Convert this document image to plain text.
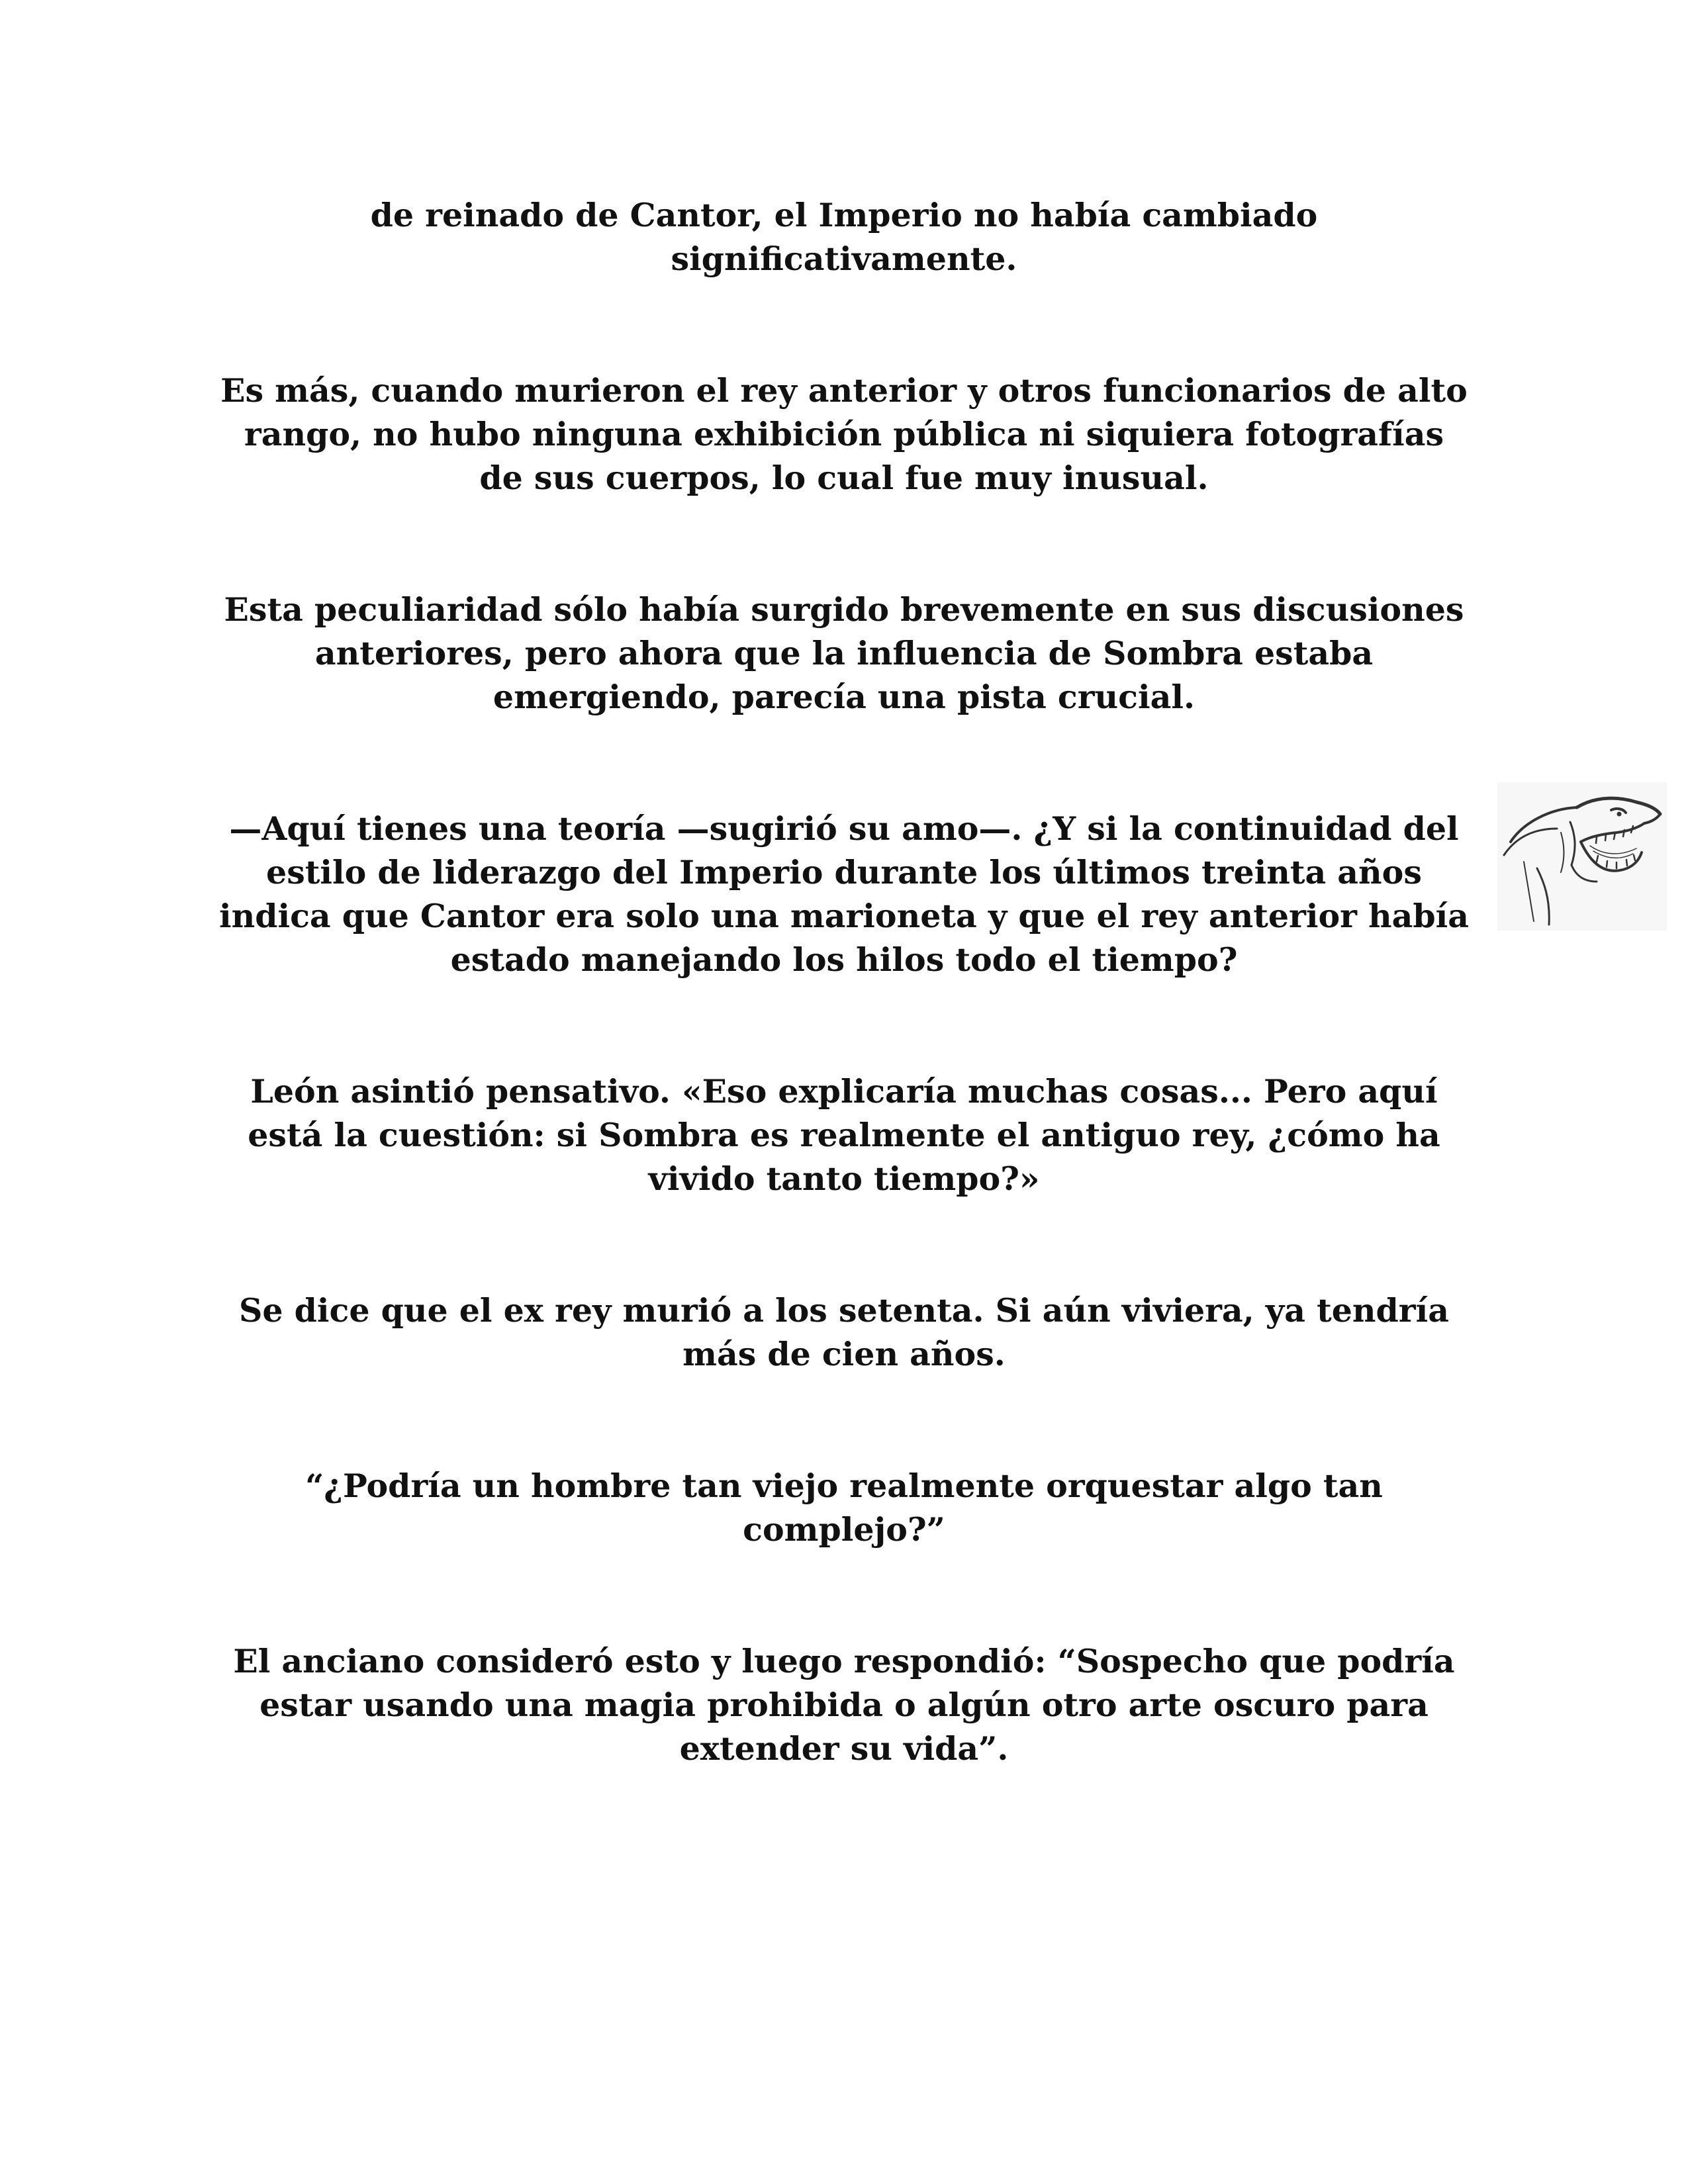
de reinado de Cantor, el Imperio no había cambiado significativamente.

Es más, cuando murieron el rey anterior y otros funcionarios de alto rango, no hubo ninguna exhibición pública ni siquiera fotografías de sus cuerpos, lo cual fue muy inusual.

Esta peculiaridad sólo había surgido brevemente en sus discusiones anteriores, pero ahora que la influencia de Sombra estaba emergiendo, parecía una pista crucial.

—Aquí tienes una teoría —sugirió su amo—. ¿Y si la continuidad del estilo de liderazgo del Imperio durante los últimos treinta años indica que Cantor era solo una marioneta y que el rey anterior había estado manejando los hilos todo el tiempo?

León asintió pensativo. «Eso explicaría muchas cosas... Pero aquí está la cuestión: si Sombra es realmente el antiguo rey, ¿cómo ha vivido tanto tiempo?»

Se dice que el ex rey murió a los setenta. Si aún viviera, ya tendría más de cien años.

“¿Podría un hombre tan viejo realmente orquestar algo tan complejo?”

El anciano consideró esto y luego respondió: “Sospecho que podría estar usando una magia prohibida o algún otro arte oscuro para extender su vida”.
